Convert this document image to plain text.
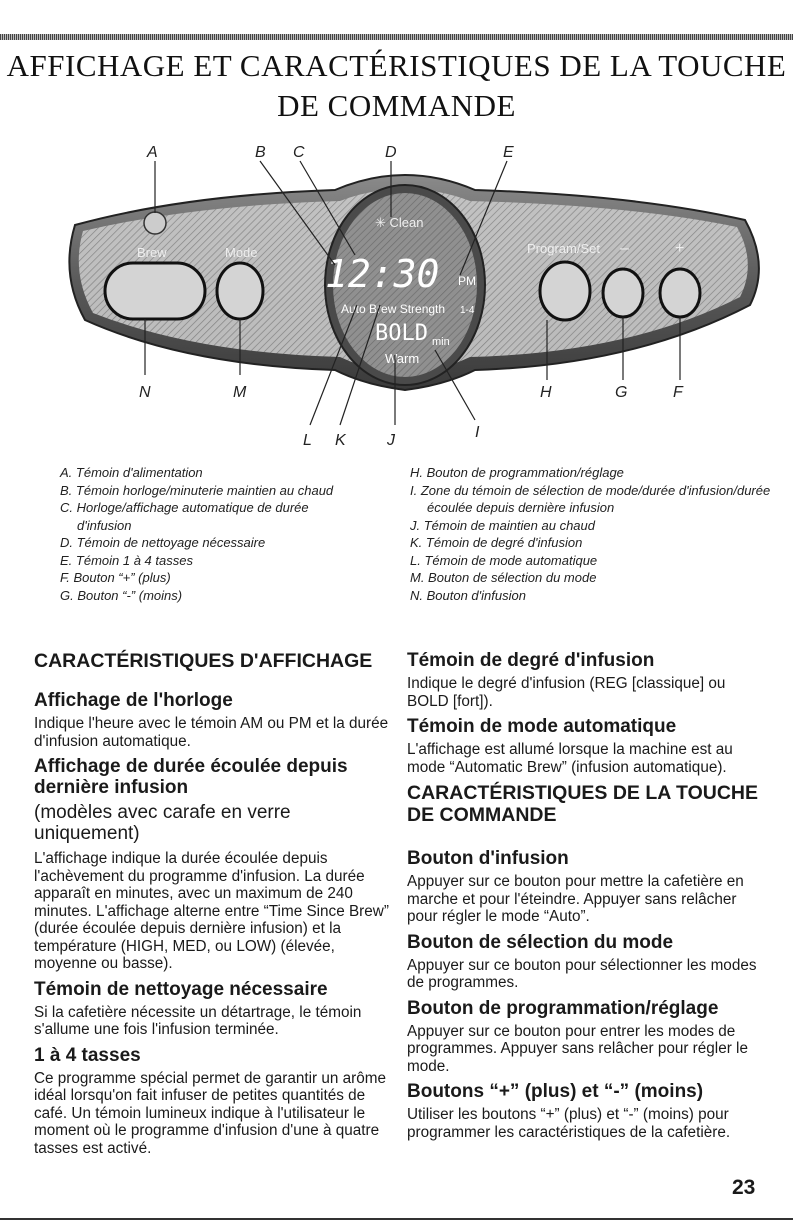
AFFICHAGE ET CARACTÉRISTIQUES DE LA TOUCHE
DE COMMANDE
Brew	Mode
✳ Clean
12:30 PM
Auto Brew Strength 1-4
BOLD min
Warm
Program/Set –	+
A	B C	D	E
N	M
L K	J	I
H	G	F
A. Témoin d'alimentation
B. Témoin horloge/minuterie maintien au chaud
C. Horloge/affichage automatique de durée d'infusion
D. Témoin de nettoyage nécessaire
E. Témoin 1 à 4 tasses
F. Bouton “+” (plus)
G. Bouton “-” (moins)
H. Bouton de programmation/réglage
I. Zone du témoin de sélection de mode/durée d'infusion/durée écoulée depuis dernière infusion
J. Témoin de maintien au chaud
K. Témoin de degré d'infusion
L. Témoin de mode automatique
M. Bouton de sélection du mode
N. Bouton d'infusion
CARACTÉRISTIQUES D'AFFICHAGE
Affichage de l'horloge
Indique l'heure avec le témoin AM ou PM et la durée d'infusion automatique.
Affichage de durée écoulée depuis dernière infusion
(modèles avec carafe en verre uniquement)
L'affichage indique la durée écoulée depuis l'achèvement du programme d'infusion. La durée apparaît en minutes, avec un maximum de 240 minutes. L'affichage alterne entre “Time Since Brew” (durée écoulée depuis dernière infusion) et la température (HIGH, MED, ou LOW) (élevée, moyenne ou basse).
Témoin de nettoyage nécessaire
Si la cafetière nécessite un détartrage, le témoin s'allume une fois l'infusion terminée.
1 à 4 tasses
Ce programme spécial permet de garantir un arôme idéal lorsqu'on fait infuser de petites quantités de café. Un témoin lumineux indique à l'utilisateur le moment où le programme d'infusion d'une à quatre tasses est activé.
Témoin de degré d'infusion
Indique le degré d'infusion (REG [classique] ou BOLD [fort]).
Témoin de mode automatique
L'affichage est allumé lorsque la machine est au mode “Automatic Brew” (infusion automatique).
CARACTÉRISTIQUES DE LA TOUCHE DE COMMANDE
Bouton d'infusion
Appuyer sur ce bouton pour mettre la cafetière en marche et pour l'éteindre. Appuyer sans relâcher pour régler le mode “Auto”.
Bouton de sélection du mode
Appuyer sur ce bouton pour sélectionner les modes de programmes.
Bouton de programmation/réglage
Appuyer sur ce bouton pour entrer les modes de programmes. Appuyer sans relâcher pour régler le mode.
Boutons “+” (plus) et “-” (moins)
Utiliser les boutons “+” (plus) et “-” (moins) pour programmer les caractéristiques de la cafetière.
23
